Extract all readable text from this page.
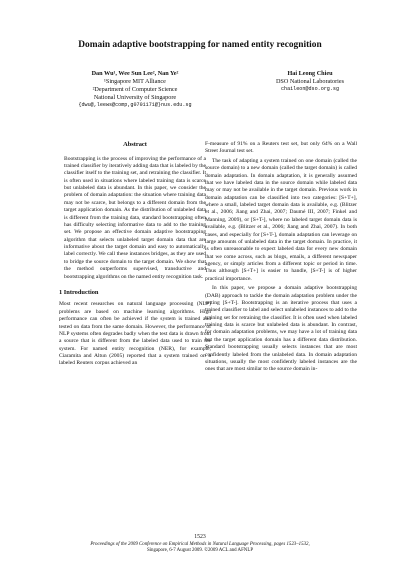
Domain adaptive bootstrapping for named entity recognition
Dan Wu¹, Wee Sun Lee², Nan Ye²
¹Singapore MIT Alliance
²Department of Computer Science
National University of Singapore
{dwu@,leews@comp,g0701171@}nus.edu.sg
Hai Leong Chieu
DSO National Laboratories
chaileon@dso.org.sg
Abstract
Bootstrapping is the process of improving the performance of a trained classifier by iteratively adding data that is labeled by the classifier itself to the training set, and retraining the classifier. It is often used in situations where labeled training data is scarce but unlabeled data is abundant. In this paper, we consider the problem of domain adaptation: the situation where training data may not be scarce, but belongs to a different domain from the target application domain. As the distribution of unlabeled data is different from the training data, standard bootstrapping often has difficulty selecting informative data to add to the training set. We propose an effective domain adaptive bootstrapping algorithm that selects unlabeled target domain data that are informative about the target domain and easy to automatically label correctly. We call these instances bridges, as they are used to bridge the source domain to the target domain. We show that the method outperforms supervised, transductive and bootstrapping algorithms on the named entity recognition task.
1 Introduction

Most recent researches on natural language processing (NLP) problems are based on machine learning algorithms. High performance can often be achieved if the system is trained and tested on data from the same domain. However, the performance of NLP systems often degrades badly when the test data is drawn from a source that is different from the labeled data used to train the system. For named entity recognition (NER), for example, Ciaramita and Altun (2005) reported that a system trained on a labeled Reuters corpus achieved an

F-measure of 91% on a Reuters test set, but only 64% on a Wall Street Journal test set.

The task of adapting a system trained on one domain (called the source domain) to a new domain (called the target domain) is called domain adaptation. In domain adaptation, it is generally assumed that we have labeled data in the source domain while labeled data may or may not be available in the target domain. Previous work in domain adaptation can be classified into two categories: [S+T+], where a small, labeled target domain data is available, e.g. (Blitzer et al., 2006; Jiang and Zhai, 2007; Daumé III, 2007; Finkel and Manning, 2009), or [S+T-], where no labeled target domain data is available, e.g. (Blitzer et al., 2006; Jiang and Zhai, 2007). In both cases, and especially for [S+T-], domain adaptation can leverage on large amounts of unlabeled data in the target domain. In practice, it is often unreasonable to expect labeled data for every new domain that we come across, such as blogs, emails, a different newspaper agency, or simply articles from a different topic or period in time. Thus although [S+T+] is easier to handle, [S+T-] is of higher practical importance.

In this paper, we propose a domain adaptive bootstrapping (DAB) approach to tackle the domain adaptation problem under the setting [S+T-]. Bootstrapping is an iterative process that uses a trained classifier to label and select unlabeled instances to add to the training set for retraining the classifier. It is often used when labeled training data is scarce but unlabeled data is abundant. In contrast, for domain adaptation problems, we may have a lot of training data but the target application domain has a different data distribution. Standard bootstrapping usually selects instances that are most confidently labeled from the unlabeled data. In domain adaptation situations, usually the most confidently labeled instances are the ones that are most similar to the source domain in-

1523
Proceedings of the 2009 Conference on Empirical Methods in Natural Language Processing, pages 1523–1532,
Singapore, 6-7 August 2009. ©2009 ACL and AFNLP
